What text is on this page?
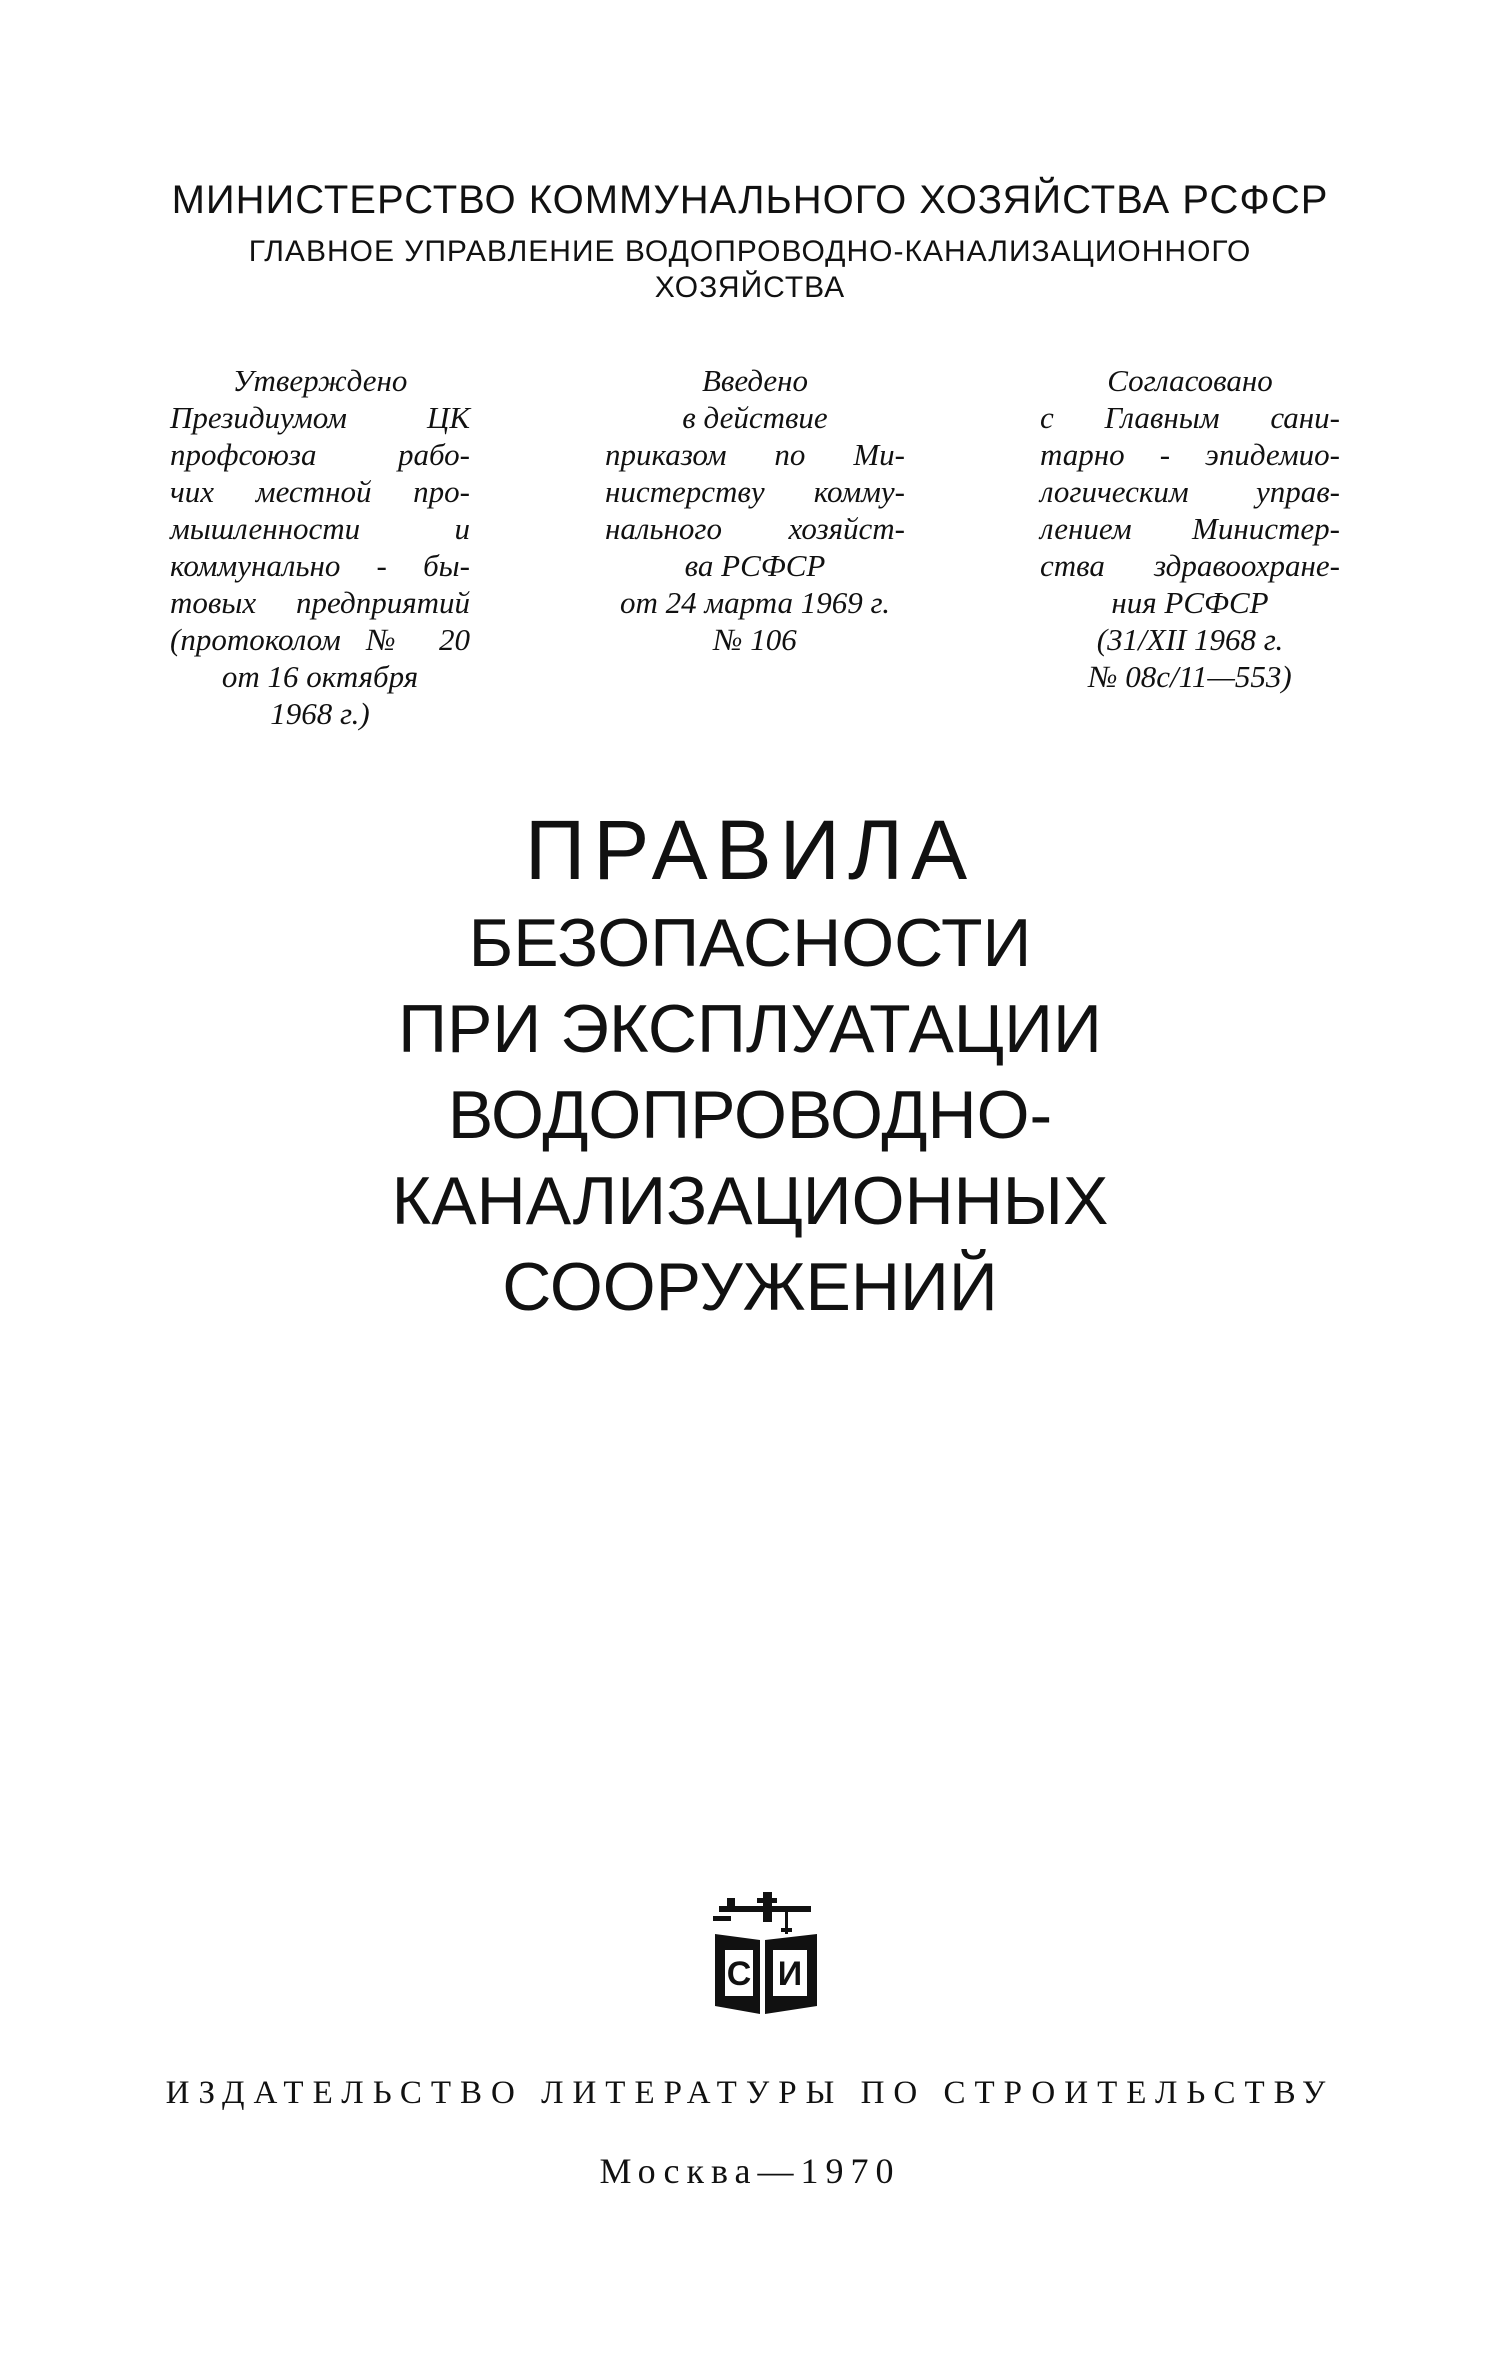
МИНИСТЕРСТВО КОММУНАЛЬНОГО ХОЗЯЙСТВА РСФСР
ГЛАВНОЕ УПРАВЛЕНИЕ ВОДОПРОВОДНО-КАНАЛИЗАЦИОННОГО
ХОЗЯЙСТВА
Утверждено
Президиумом ЦК
профсоюза рабо-
чих местной про-
мышленности и
коммунально - бы-
товых предприятий
(протоколом № 20
от 16 октября
1968 г.)
Введено
в действие
приказом по Ми-
нистерству комму-
нального хозяйст-
ва РСФСР
от 24 марта 1969 г.
№ 106
Согласовано
с Главным сани-
тарно - эпидемио-
логическим управ-
лением Министер-
ства здравоохране-
ния РСФСР
(31/XII 1968 г.
№ 08с/11—553)
ПРАВИЛА
БЕЗОПАСНОСТИ
ПРИ ЭКСПЛУАТАЦИИ
ВОДОПРОВОДНО-
КАНАЛИЗАЦИОННЫХ
СООРУЖЕНИЙ
С И
ИЗДАТЕЛЬСТВО ЛИТЕРАТУРЫ ПО СТРОИТЕЛЬСТВУ
Москва—1970
